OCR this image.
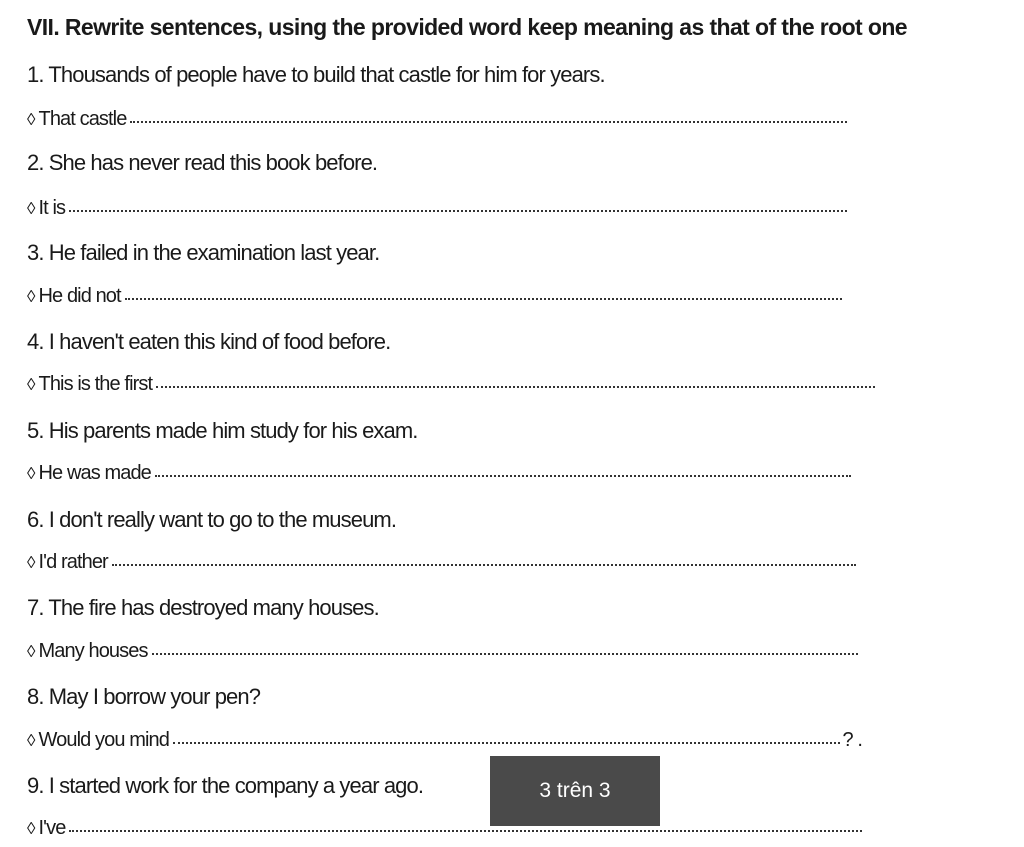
VII. Rewrite sentences, using the provided word keep meaning as that of the root one
1. Thousands of people have to build that castle for him for years.
◊ That castle
2. She has never read this book before.
◊ It is
3. He failed in the examination last year.
◊ He did not
4. I haven't eaten this kind of food before.
◊ This is the first
5. His parents made him study for his exam.
◊ He was made
6. I don't really want to go to the museum.
◊ I'd rather
7. The fire has destroyed many houses.
◊ Many houses
8. May I borrow your pen?
◊ Would you mind	? .
9. I started work for the company a year ago.
◊ I've
3 trên 3
